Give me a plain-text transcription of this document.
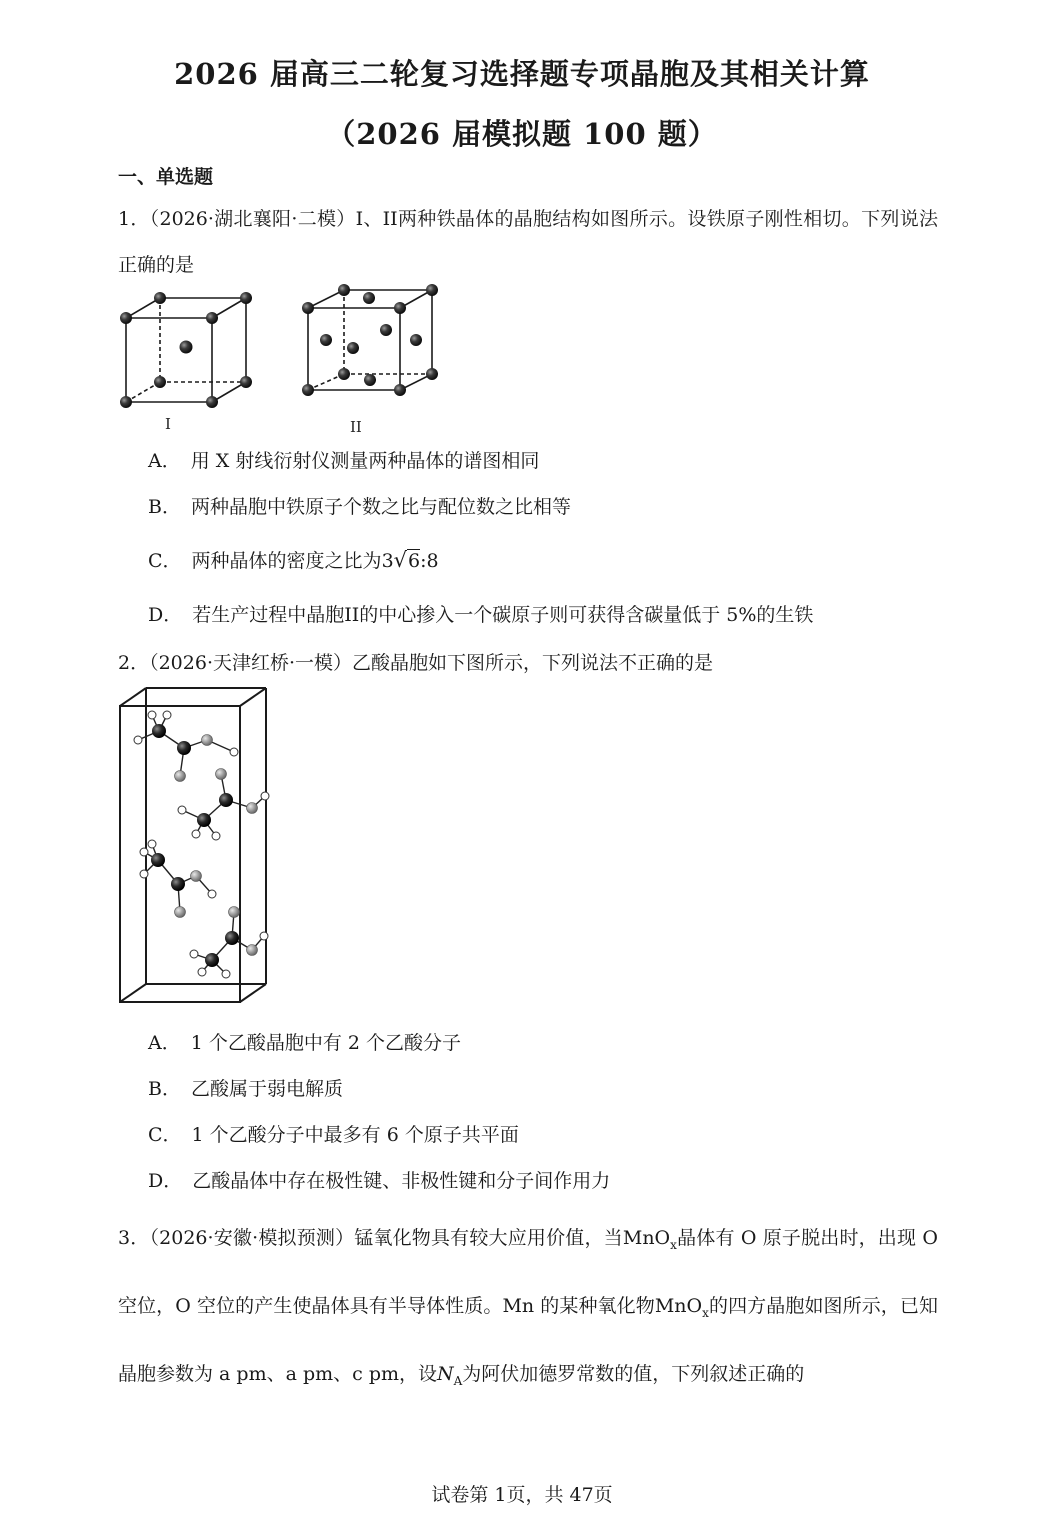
2026 届高三二轮复习选择题专项晶胞及其相关计算
（2026 届模拟题 100 题）
一、单选题
1．（2026·湖北襄阳·二模）I、II两种铁晶体的晶胞结构如图所示。设铁原子刚性相切。下列说法正确的是
I	II
A． 用 X 射线衍射仪测量两种晶体的谱图相同
B． 两种晶胞中铁原子个数之比与配位数之比相等
C． 两种晶体的密度之比为3√6:8
D． 若生产过程中晶胞II的中心掺入一个碳原子则可获得含碳量低于 5%的生铁
2．（2026·天津红桥·一模）乙酸晶胞如下图所示，下列说法不正确的是
A． 1 个乙酸晶胞中有 2 个乙酸分子
B． 乙酸属于弱电解质
C． 1 个乙酸分子中最多有 6 个原子共平面
D． 乙酸晶体中存在极性键、非极性键和分子间作用力
3．（2026·安徽·模拟预测）锰氧化物具有较大应用价值，当MnO$_x$晶体有 O 原子脱出时，出现 O 空位，O 空位的产生使晶体具有半导体性质。Mn 的某种氧化物MnO$_x$的四方晶胞如图所示，已知晶胞参数为 a pm、a pm、c pm，设$N_A$为阿伏加德罗常数的值，下列叙述正确的
试卷第 1页，共 47页
